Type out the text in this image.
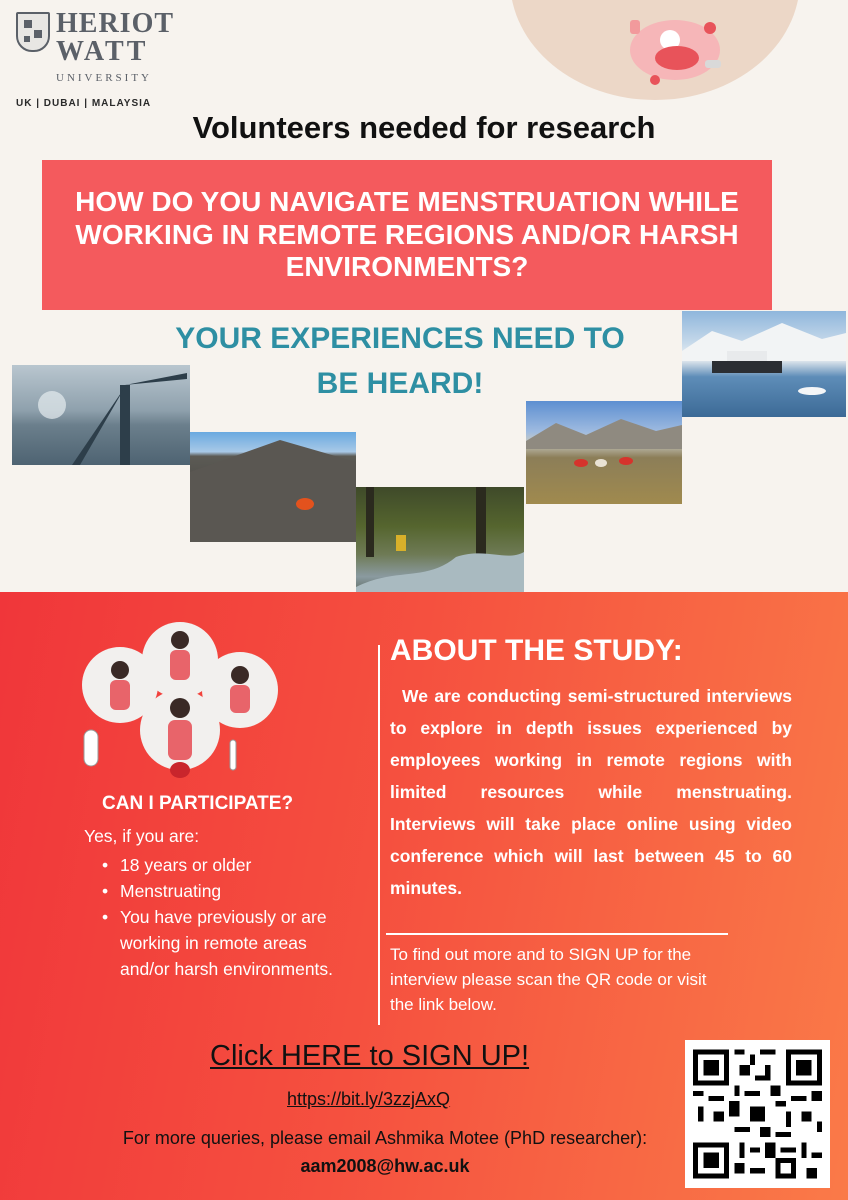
HERIOT
WATT
UNIVERSITY
UK | DUBAI | MALAYSIA
Volunteers needed for research
HOW DO YOU NAVIGATE MENSTRUATION WHILE WORKING IN REMOTE REGIONS AND/OR HARSH ENVIRONMENTS?
YOUR EXPERIENCES NEED TO
BE HEARD!
CAN I PARTICIPATE?
Yes, if you are:
• 18 years or older
• Menstruating
• You have previously or are working in remote areas and/or harsh environments.
ABOUT THE STUDY:
We are conducting semi-structured interviews to explore in depth issues experienced by employees working in remote regions with limited resources while menstruating. Interviews will take place online using video conference which will last between 45 to 60 minutes.
To find out more and to SIGN UP for the interview please scan the QR code or visit the link below.
Click HERE to SIGN UP!
https://bit.ly/3zzjAxQ
For more queries, please email Ashmika Motee (PhD researcher): aam2008@hw.ac.uk
